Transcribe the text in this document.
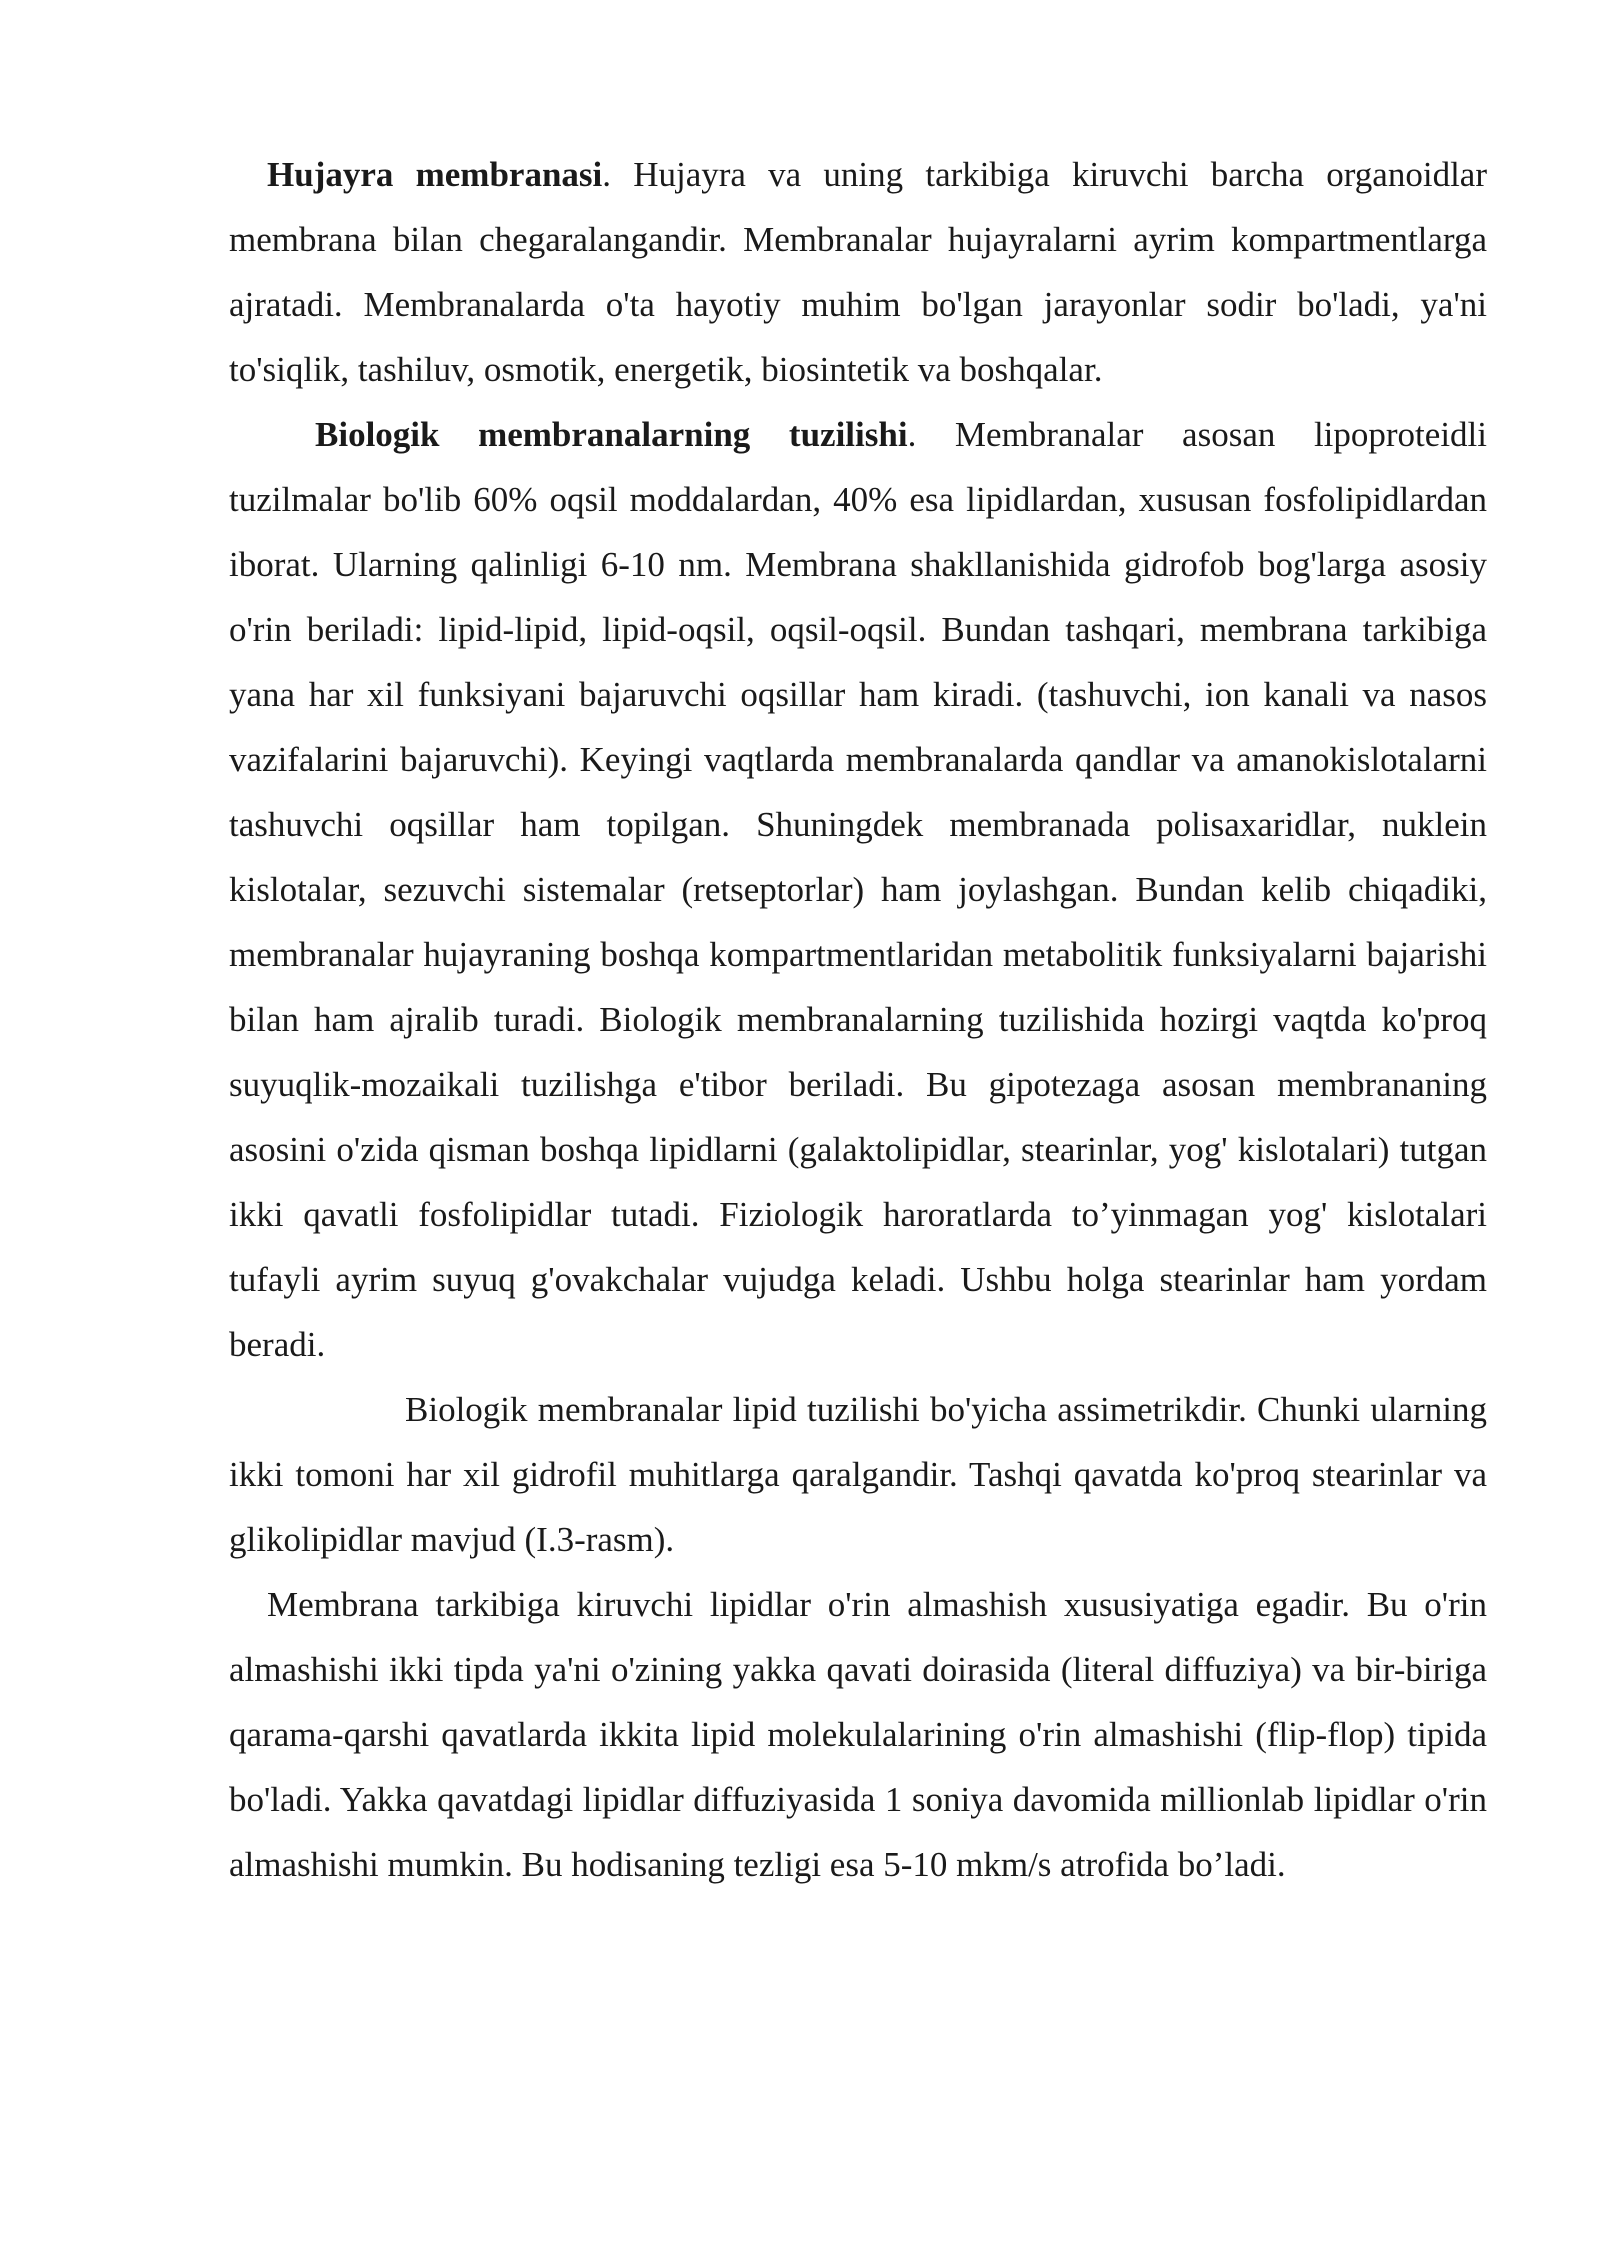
Hujayra membranasi. Hujayra va uning tarkibiga kiruvchi barcha organoidlar membrana bilan chegaralangandir. Membranalar hujayralarni ayrim kompartmentlarga ajratadi. Membranalarda o'ta hayotiy muhim bo'lgan jarayonlar sodir bo'ladi, ya'ni to'siqlik, tashiluv, osmotik, energetik, biosintetik va boshqalar.

Biologik membranalarning tuzilishi. Membranalar asosan lipoproteidli tuzilmalar bo'lib 60% oqsil moddalardan, 40% esa lipidlardan, xususan fosfolipidlardan iborat. Ularning qalinligi 6-10 nm. Membrana shakllanishida gidrofob bog'larga asosiy o'rin beriladi: lipid-lipid, lipid-oqsil, oqsil-oqsil. Bundan tashqari, membrana tarkibiga yana har xil funksiyani bajaruvchi oqsillar ham kiradi. (tashuvchi, ion kanali va nasos vazifalarini bajaruvchi). Keyingi vaqtlarda membranalarda qandlar va amanokislotalarni tashuvchi oqsillar ham topilgan. Shuningdek membranada polisaxaridlar, nuklein kislotalar, sezuvchi sistemalar (retseptorlar) ham joylashgan. Bundan kelib chiqadiki, membranalar hujayraning boshqa kompartmentlaridan metabolitik funksiyalarni bajarishi bilan ham ajralib turadi. Biologik membranalarning tuzilishida hozirgi vaqtda ko'proq suyuqlik-mozaikali tuzilishga e'tibor beriladi. Bu gipotezaga asosan membrananing asosini o'zida qisman boshqa lipidlarni (galaktolipidlar, stearinlar, yog' kislotalari) tutgan ikki qavatli fosfolipidlar tutadi. Fiziologik haroratlarda to’yinmagan yog' kislotalari tufayli ayrim suyuq g'ovakchalar vujudga keladi. Ushbu holga stearinlar ham yordam beradi.

Biologik membranalar lipid tuzilishi bo'yicha assimetrikdir. Chunki ularning ikki tomoni har xil gidrofil muhitlarga qaralgandir. Tashqi qavatda ko'proq stearinlar va glikolipidlar mavjud (I.3-rasm).

Membrana tarkibiga kiruvchi lipidlar o'rin almashish xususiyatiga egadir. Bu o'rin almashishi ikki tipda ya'ni o'zining yakka qavati doirasida (literal diffuziya) va bir-biriga qarama-qarshi qavatlarda ikkita lipid molekulalarining o'rin almashishi (flip-flop) tipida bo'ladi. Yakka qavatdagi lipidlar diffuziyasida 1 soniya davomida millionlab lipidlar o'rin almashishi mumkin. Bu hodisaning tezligi esa 5-10 mkm/s atrofida bo’ladi.
